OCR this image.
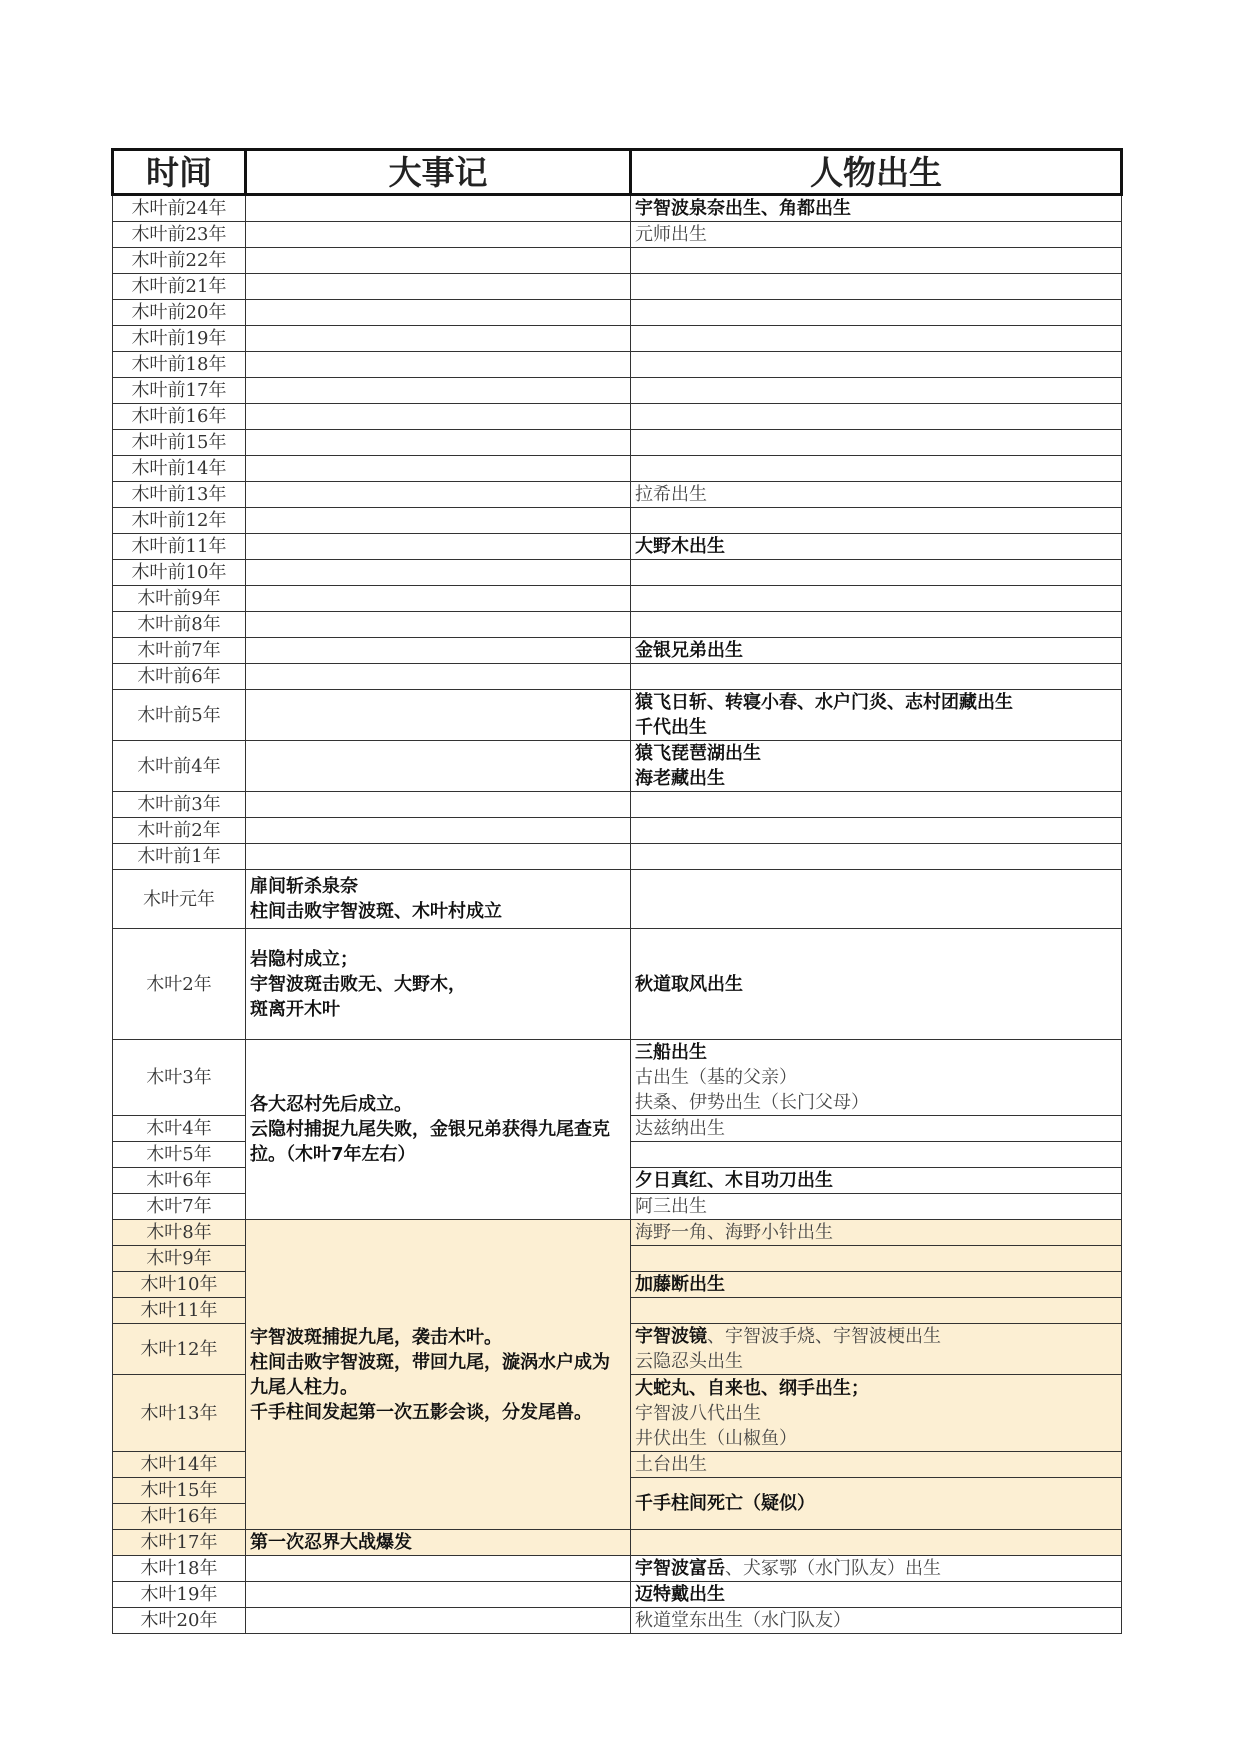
时间	大事记	人物出生
木叶前24年		宇智波泉奈出生、角都出生
木叶前23年		元师出生
木叶前22年		
木叶前21年		
木叶前20年		
木叶前19年		
木叶前18年		
木叶前17年		
木叶前16年		
木叶前15年		
木叶前14年		
木叶前13年		拉希出生
木叶前12年		
木叶前11年		大野木出生
木叶前10年		
木叶前9年		
木叶前8年		
木叶前7年		金银兄弟出生
木叶前6年		
木叶前5年		猿飞日斩、转寝小春、水户门炎、志村团藏出生
千代出生
木叶前4年		猿飞琵琶湖出生
海老藏出生
木叶前3年		
木叶前2年		
木叶前1年		
木叶元年	扉间斩杀泉奈
柱间击败宇智波斑、木叶村成立	
木叶2年	岩隐村成立；
宇智波斑击败无、大野木，
斑离开木叶	秋道取风出生
木叶3年	各大忍村先后成立。
云隐村捕捉九尾失败，金银兄弟获得九尾查克拉。（木叶7年左右）	三船出生
古出生（基的父亲）
扶桑、伊势出生（长门父母）
木叶4年		达兹纳出生
木叶5年		
木叶6年		夕日真红、木目功刀出生
木叶7年		阿三出生
木叶8年	宇智波斑捕捉九尾，袭击木叶。
柱间击败宇智波斑，带回九尾，漩涡水户成为九尾人柱力。
千手柱间发起第一次五影会谈，分发尾兽。	海野一角、海野小针出生
木叶9年		
木叶10年		加藤断出生
木叶11年		
木叶12年		宇智波镜、宇智波手烧、宇智波梗出生
云隐忍头出生
木叶13年		大蛇丸、自来也、纲手出生；
宇智波八代出生
井伏出生（山椒鱼）
木叶14年		土台出生
木叶15年		千手柱间死亡（疑似）
木叶16年		
木叶17年	第一次忍界大战爆发	
木叶18年		宇智波富岳、犬冢鄂（水门队友）出生
木叶19年		迈特戴出生
木叶20年		秋道堂东出生（水门队友）
